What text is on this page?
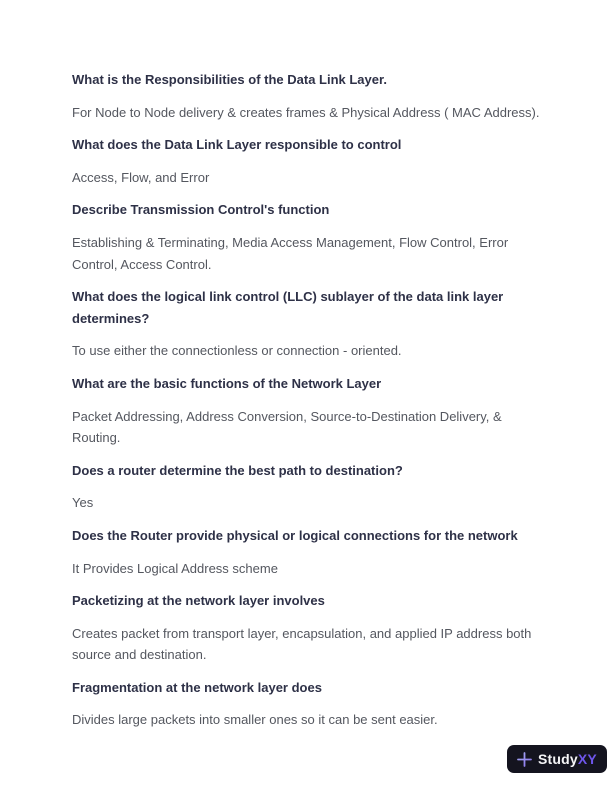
What is the Responsibilities of the Data Link Layer.

For Node to Node delivery & creates frames & Physical Address ( MAC Address).

What does the Data Link Layer responsible to control

Access, Flow, and Error

Describe Transmission Control's function

Establishing & Terminating, Media Access Management, Flow Control, Error Control, Access Control.

What does the logical link control (LLC) sublayer of the data link layer determines?

To use either the connectionless or connection - oriented.

What are the basic functions of the Network Layer

Packet Addressing, Address Conversion, Source-to-Destination Delivery, & Routing.

Does a router determine the best path to destination?

Yes

Does the Router provide physical or logical connections for the network

It Provides Logical Address scheme

Packetizing at the network layer involves

Creates packet from transport layer, encapsulation, and applied IP address both source and destination.

Fragmentation at the network layer does

Divides large packets into smaller ones so it can be sent easier.

Study XY
